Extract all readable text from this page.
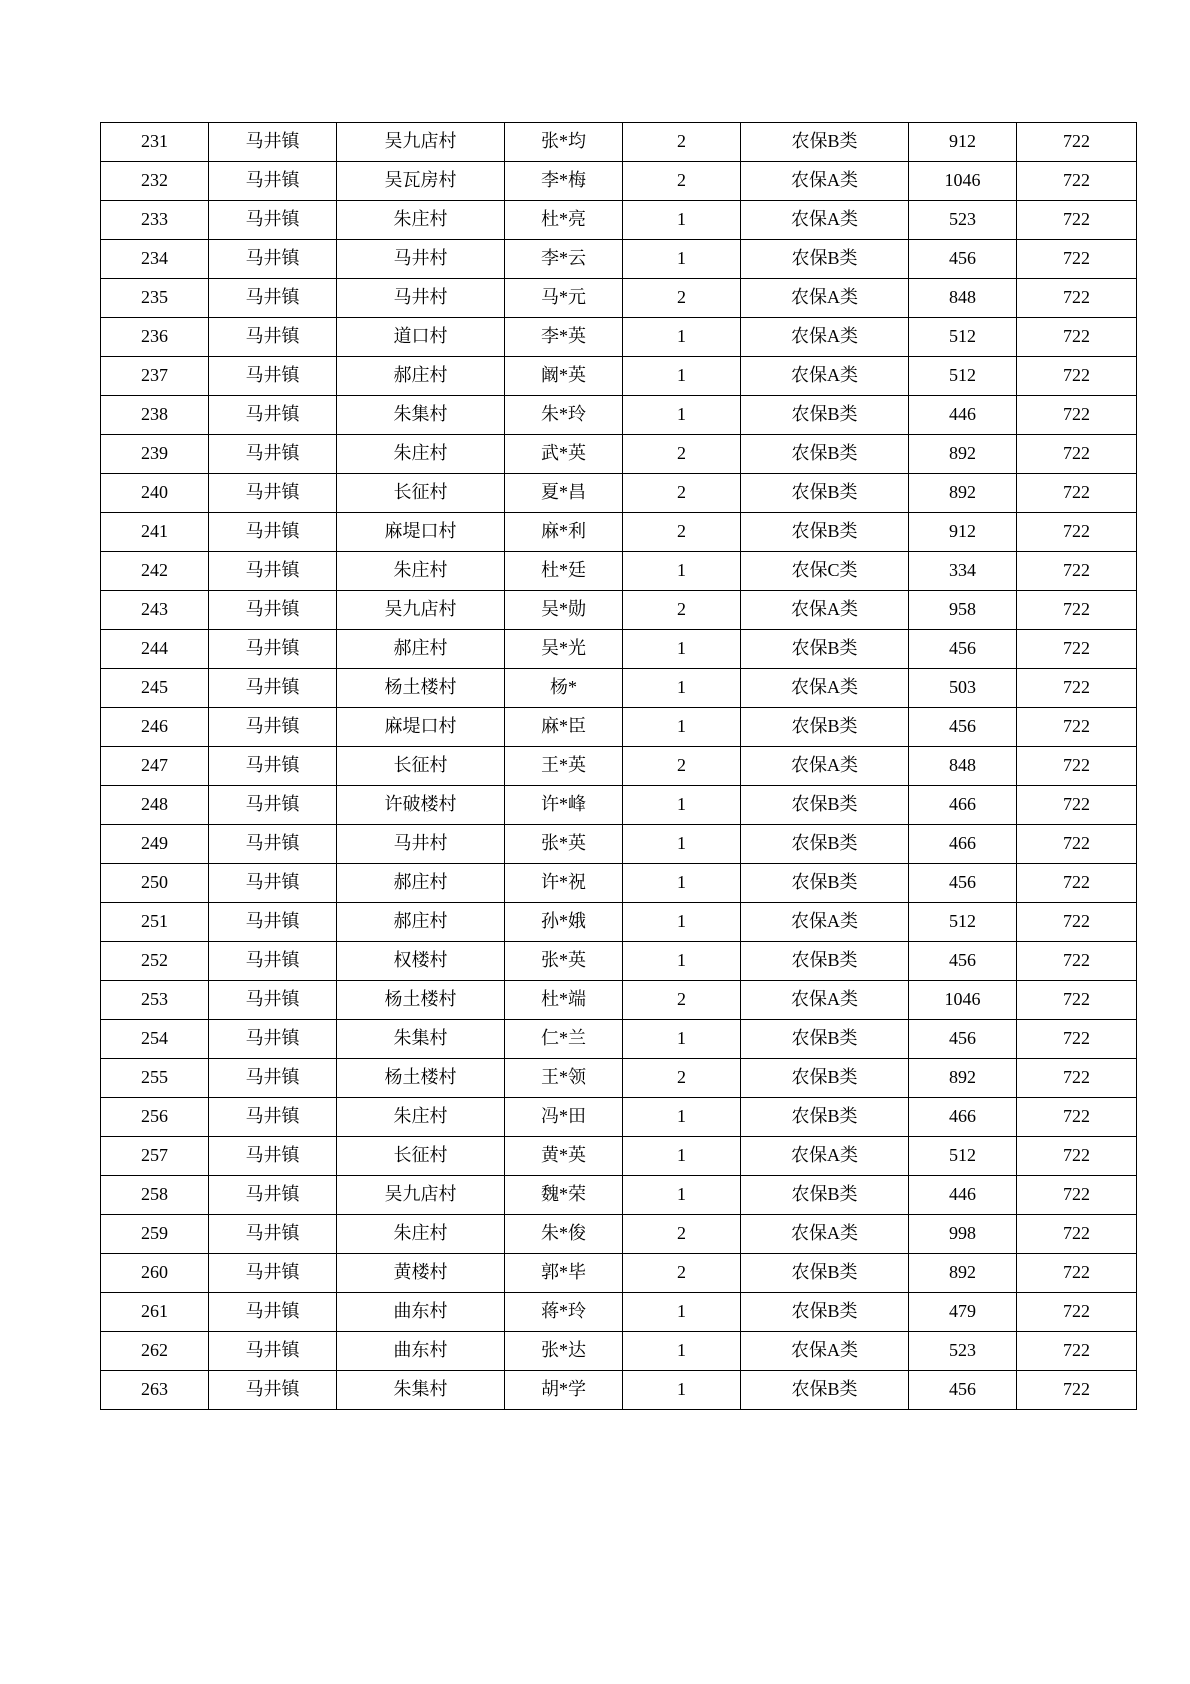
231	马井镇	吴九店村	张*均	2	农保B类	912	722
232	马井镇	吴瓦房村	李*梅	2	农保A类	1046	722
233	马井镇	朱庄村	杜*亮	1	农保A类	523	722
234	马井镇	马井村	李*云	1	农保B类	456	722
235	马井镇	马井村	马*元	2	农保A类	848	722
236	马井镇	道口村	李*英	1	农保A类	512	722
237	马井镇	郝庄村	阚*英	1	农保A类	512	722
238	马井镇	朱集村	朱*玲	1	农保B类	446	722
239	马井镇	朱庄村	武*英	2	农保B类	892	722
240	马井镇	长征村	夏*昌	2	农保B类	892	722
241	马井镇	麻堤口村	麻*利	2	农保B类	912	722
242	马井镇	朱庄村	杜*廷	1	农保C类	334	722
243	马井镇	吴九店村	吴*勋	2	农保A类	958	722
244	马井镇	郝庄村	吴*光	1	农保B类	456	722
245	马井镇	杨土楼村	杨*	1	农保A类	503	722
246	马井镇	麻堤口村	麻*臣	1	农保B类	456	722
247	马井镇	长征村	王*英	2	农保A类	848	722
248	马井镇	许破楼村	许*峰	1	农保B类	466	722
249	马井镇	马井村	张*英	1	农保B类	466	722
250	马井镇	郝庄村	许*祝	1	农保B类	456	722
251	马井镇	郝庄村	孙*娥	1	农保A类	512	722
252	马井镇	权楼村	张*英	1	农保B类	456	722
253	马井镇	杨土楼村	杜*端	2	农保A类	1046	722
254	马井镇	朱集村	仁*兰	1	农保B类	456	722
255	马井镇	杨土楼村	王*领	2	农保B类	892	722
256	马井镇	朱庄村	冯*田	1	农保B类	466	722
257	马井镇	长征村	黄*英	1	农保A类	512	722
258	马井镇	吴九店村	魏*荣	1	农保B类	446	722
259	马井镇	朱庄村	朱*俊	2	农保A类	998	722
260	马井镇	黄楼村	郭*毕	2	农保B类	892	722
261	马井镇	曲东村	蒋*玲	1	农保B类	479	722
262	马井镇	曲东村	张*达	1	农保A类	523	722
263	马井镇	朱集村	胡*学	1	农保B类	456	722
